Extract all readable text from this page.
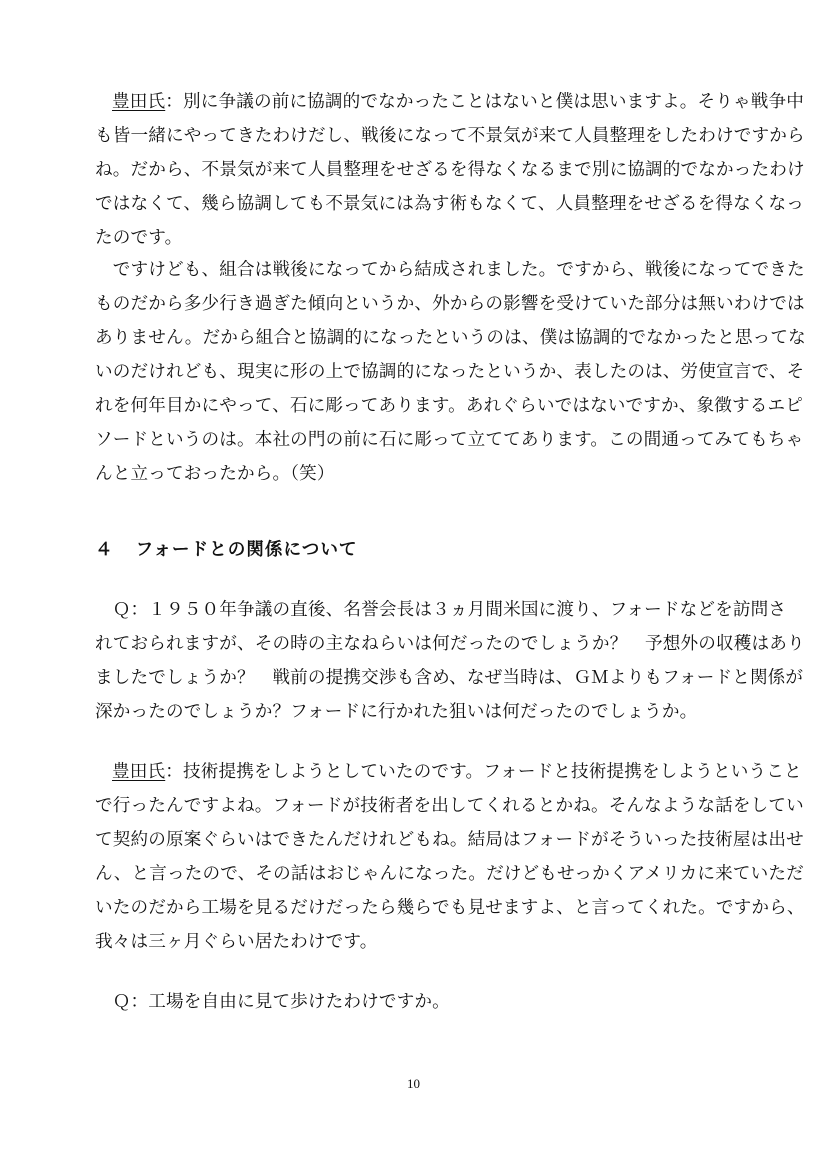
豊田氏：別に争議の前に協調的でなかったことはないと僕は思いますよ。そりゃ戦争中
も皆一緒にやってきたわけだし、戦後になって不景気が来て人員整理をしたわけですから
ね。だから、不景気が来て人員整理をせざるを得なくなるまで別に協調的でなかったわけ
ではなくて、幾ら協調しても不景気には為す術もなくて、人員整理をせざるを得なくなっ
たのです。
　ですけども、組合は戦後になってから結成されました。ですから、戦後になってできた
ものだから多少行き過ぎた傾向というか、外からの影響を受けていた部分は無いわけでは
ありません。だから組合と協調的になったというのは、僕は協調的でなかったと思ってな
いのだけれども、現実に形の上で協調的になったというか、表したのは、労使宣言で、そ
れを何年目かにやって、石に彫ってあります。あれぐらいではないですか、象徴するエピ
ソードというのは。本社の門の前に石に彫って立ててあります。この間通ってみてもちゃ
んと立っておったから。（笑）
４ フォードとの関係について
　Ｑ：１９５０年争議の直後、名誉会長は３ヵ月間米国に渡り、フォードなどを訪問さ
れておられますが、その時の主なねらいは何だったのでしょうか？　予想外の収穫はあり
ましたでしょうか？　戦前の提携交渉も含め、なぜ当時は、ＧＭよりもフォードと関係が
深かったのでしょうか？フォードに行かれた狙いは何だったのでしょうか。
豊田氏：技術提携をしようとしていたのです。フォードと技術提携をしようということ
で行ったんですよね。フォードが技術者を出してくれるとかね。そんなような話をしてい
て契約の原案ぐらいはできたんだけれどもね。結局はフォードがそういった技術屋は出せ
ん、と言ったので、その話はおじゃんになった。だけどもせっかくアメリカに来ていただ
いたのだから工場を見るだけだったら幾らでも見せますよ、と言ってくれた。ですから、
我々は三ヶ月ぐらい居たわけです。
　Ｑ：工場を自由に見て歩けたわけですか。
10
